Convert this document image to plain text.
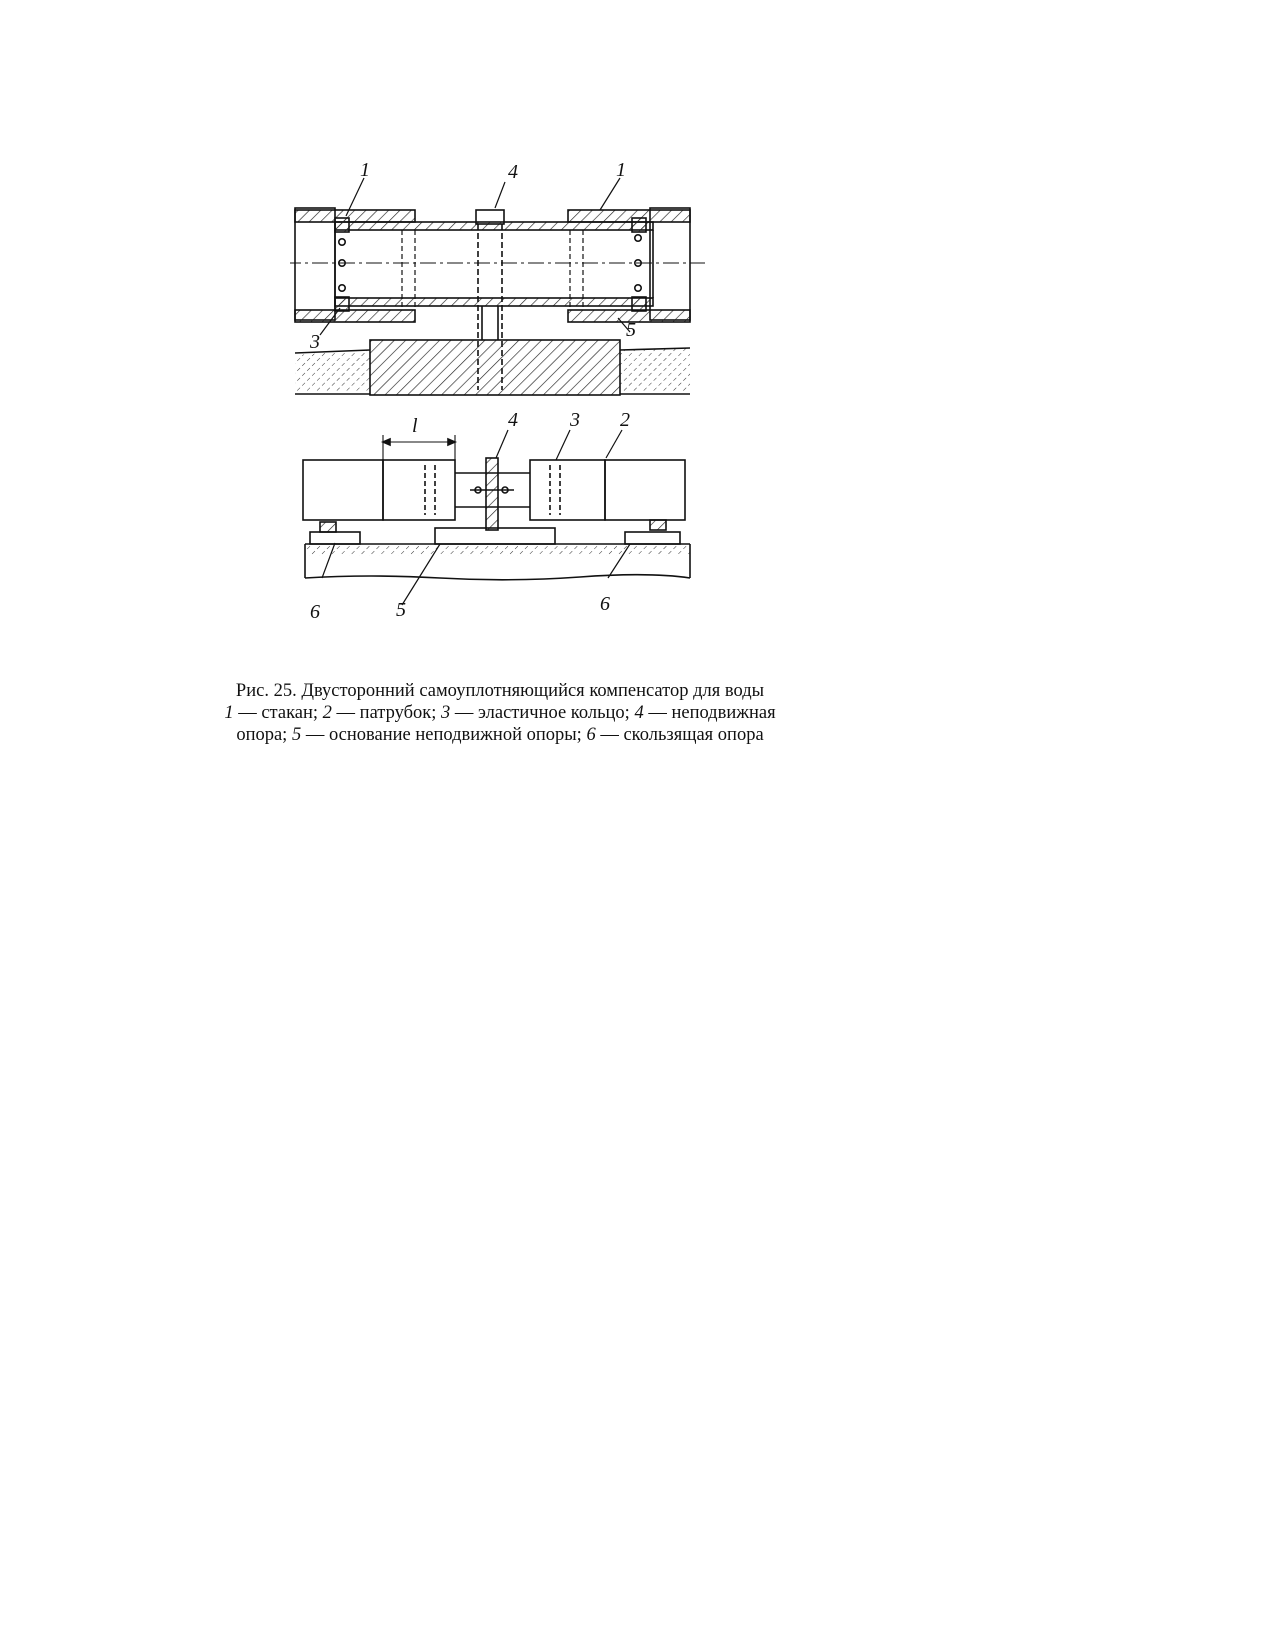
1	4	1
3
5
l	4	3 2
6	5	6

Рис. 25. Двусторонний самоуплотняющийся компенсатор для воды

1 — стакан; 2 — патрубок; 3 — эластичное кольцо; 4 — неподвижная

опора; 5 — основание неподвижной опоры; 6 — скользящая опора
